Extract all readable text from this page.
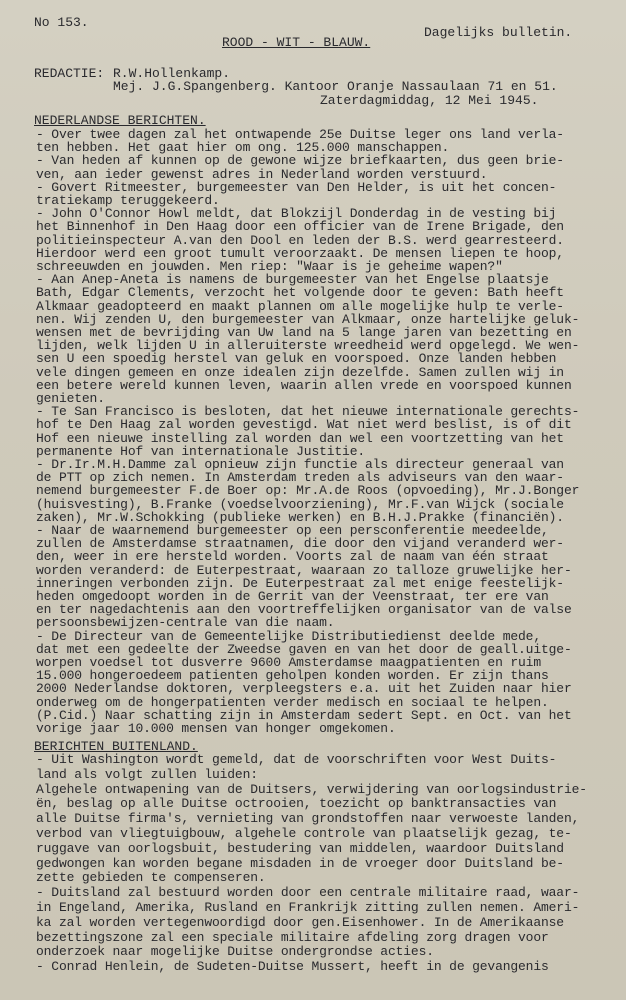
No 153.
ROOD - WIT - BLAUW.
Dagelijks bulletin.
REDACTIE: R.W.Hollenkamp.
Mej. J.G.Spangenberg. Kantoor Oranje Nassaulaan 71 en 51.
Zaterdagmiddag, 12 Mei 1945.
NEDERLANDSE BERICHTEN.
- Over twee dagen zal het ontwapende 25e Duitse leger ons land verla-
ten hebben. Het gaat hier om ong. 125.000 manschappen.
- Van heden af kunnen op de gewone wijze briefkaarten, dus geen brie-
ven, aan ieder gewenst adres in Nederland worden verstuurd.
- Govert Ritmeester, burgemeester van Den Helder, is uit het concen-
tratiekamp teruggekeerd.
- John O'Connor Howl meldt, dat Blokzijl Donderdag in de vesting bij
het Binnenhof in Den Haag door een officier van de Irene Brigade, den
politieinspecteur A.van den Dool en leden der B.S. werd gearresteerd.
Hierdoor werd een groot tumult veroorzaakt. De mensen liepen te hoop,
schreeuwden en jouwden. Men riep: "Waar is je geheime wapen?"
- Aan Anep-Aneta is namens de burgemeester van het Engelse plaatsje
Bath, Edgar Clements, verzocht het volgende door te geven: Bath heeft
Alkmaar geadopteerd en maakt plannen om alle mogelijke hulp te verle-
nen. Wij zenden U, den burgemeester van Alkmaar, onze hartelijke geluk-
wensen met de bevrijding van Uw land na 5 lange jaren van bezetting en
lijden, welk lijden U in alleruiterste wreedheid werd opgelegd. We wen-
sen U een spoedig herstel van geluk en voorspoed. Onze landen hebben
vele dingen gemeen en onze idealen zijn dezelfde. Samen zullen wij in
een betere wereld kunnen leven, waarin allen vrede en voorspoed kunnen
genieten.
- Te San Francisco is besloten, dat het nieuwe internationale gerechts-
hof te Den Haag zal worden gevestigd. Wat niet werd beslist, is of dit
Hof een nieuwe instelling zal worden dan wel een voortzetting van het
permanente Hof van internationale Justitie.
- Dr.Ir.M.H.Damme zal opnieuw zijn functie als directeur generaal van
de PTT op zich nemen. In Amsterdam treden als adviseurs van den waar-
nemend burgemeester F.de Boer op: Mr.A.de Roos (opvoeding), Mr.J.Bonger
(huisvesting), B.Franke (voedselvoorziening), Mr.F.van Wijck (sociale
zaken), Mr.W.Schokking (publieke werken) en B.H.J.Prakke (financiën).
- Naar de waarnemend burgemeester op een persconferentie meedeelde,
zullen de Amsterdamse straatnamen, die door den vijand veranderd wer-
den, weer in ere hersteld worden. Voorts zal de naam van één straat
worden veranderd: de Euterpestraat, waaraan zo talloze gruwelijke her-
inneringen verbonden zijn. De Euterpestraat zal met enige feestelijk-
heden omgedoopt worden in de Gerrit van der Veenstraat, ter ere van
en ter nagedachtenis aan den voortreffelijken organisator van de valse
persoonsbewijzen-centrale van die naam.
- De Directeur van de Gemeentelijke Distributiedienst deelde mede,
dat met een gedeelte der Zweedse gaven en van het door de geall.uitge-
worpen voedsel tot dusverre 9600 Amsterdamse maagpatienten en ruim
15.000 hongeroedeem patienten geholpen konden worden. Er zijn thans
2000 Nederlandse doktoren, verpleegsters e.a. uit het Zuiden naar hier
onderweg om de hongerpatienten verder medisch en sociaal te helpen.
(P.Cid.) Naar schatting zijn in Amsterdam sedert Sept. en Oct. van het
vorige jaar 10.000 mensen van honger omgekomen.
BERICHTEN BUITENLAND.
- Uit Washington wordt gemeld, dat de voorschriften voor West Duits-
land als volgt zullen luiden:
Algehele ontwapening van de Duitsers, verwijdering van oorlogsindustrie-
ën, beslag op alle Duitse octrooien, toezicht op banktransacties van
alle Duitse firma's, vernieting van grondstoffen naar verwoeste landen,
verbod van vliegtuigbouw, algehele controle van plaatselijk gezag, te-
ruggave van oorlogsbuit, bestudering van middelen, waardoor Duitsland
gedwongen kan worden begane misdaden in de vroeger door Duitsland be-
zette gebieden te compenseren.
- Duitsland zal bestuurd worden door een centrale militaire raad, waar-
in Engeland, Amerika, Rusland en Frankrijk zitting zullen nemen. Ameri-
ka zal worden vertegenwoordigd door gen.Eisenhower. In de Amerikaanse
bezettingszone zal een speciale militaire afdeling zorg dragen voor
onderzoek naar mogelijke Duitse ondergrondse acties.
- Conrad Henlein, de Sudeten-Duitse Mussert, heeft in de gevangenis
